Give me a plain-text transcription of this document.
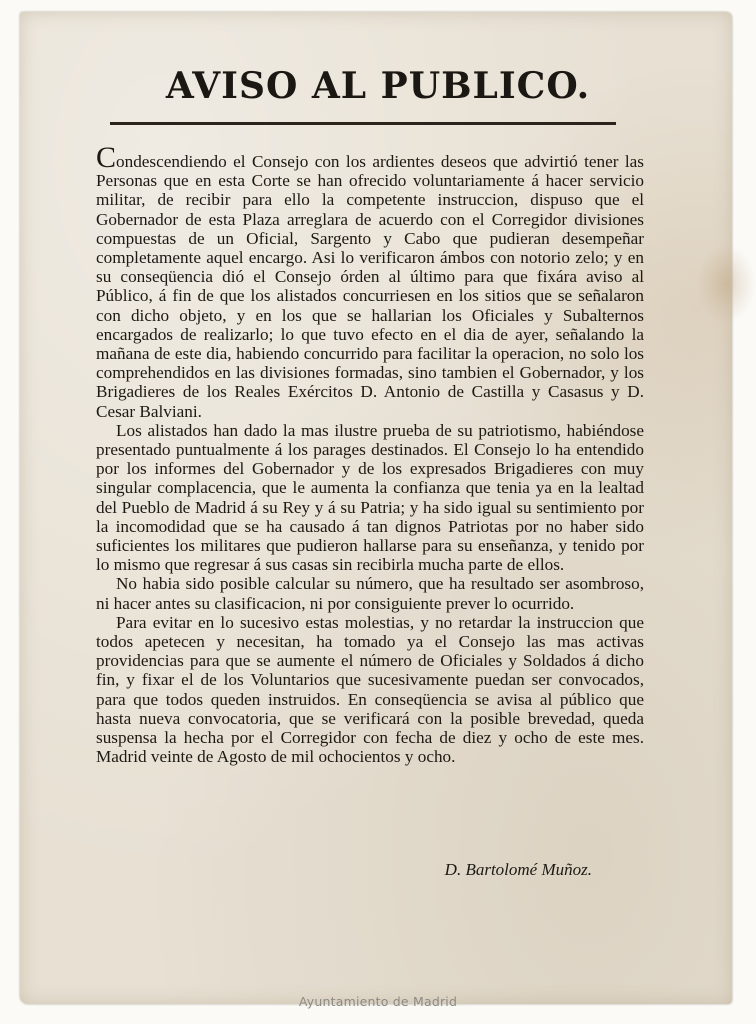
AVISO AL PUBLICO.

Condescendiendo el Consejo con los ardientes deseos que advirtió tener las Personas que en esta Corte se han ofrecido voluntariamente á hacer servicio militar, de recibir para ello la competente instruccion, dispuso que el Gobernador de esta Plaza arreglara de acuerdo con el Corregidor divisiones compuestas de un Oficial, Sargento y Cabo que pudieran desempeñar completamente aquel encargo. Asi lo verificaron ámbos con notorio zelo; y en su conseqüencia dió el Consejo órden al último para que fixára aviso al Público, á fin de que los alistados concurriesen en los sitios que se señalaron con dicho objeto, y en los que se hallarian los Oficiales y Subalternos encargados de realizarlo; lo que tuvo efecto en el dia de ayer, señalando la mañana de este dia, habiendo concurrido para facilitar la operacion, no solo los comprehendidos en las divisiones formadas, sino tambien el Gobernador, y los Brigadieres de los Reales Exércitos D. Antonio de Castilla y Casasus y D. Cesar Balviani.

Los alistados han dado la mas ilustre prueba de su patriotismo, habiéndose presentado puntualmente á los parages destinados. El Consejo lo ha entendido por los informes del Gobernador y de los expresados Brigadieres con muy singular complacencia, que le aumenta la confianza que tenia ya en la lealtad del Pueblo de Madrid á su Rey y á su Patria; y ha sido igual su sentimiento por la incomodidad que se ha causado á tan dignos Patriotas por no haber sido suficientes los militares que pudieron hallarse para su enseñanza, y tenido por lo mismo que regresar á sus casas sin recibirla mucha parte de ellos.

No habia sido posible calcular su número, que ha resultado ser asombroso, ni hacer antes su clasificacion, ni por consiguiente prever lo ocurrido.

Para evitar en lo sucesivo estas molestias, y no retardar la instruccion que todos apetecen y necesitan, ha tomado ya el Consejo las mas activas providencias para que se aumente el número de Oficiales y Soldados á dicho fin, y fixar el de los Voluntarios que sucesivamente puedan ser convocados, para que todos queden instruidos. En conseqüencia se avisa al público que hasta nueva convocatoria, que se verificará con la posible brevedad, queda suspensa la hecha por el Corregidor con fecha de diez y ocho de este mes. Madrid veinte de Agosto de mil ochocientos y ocho.

D. Bartolomé Muñoz.
Ayuntamiento de Madrid
